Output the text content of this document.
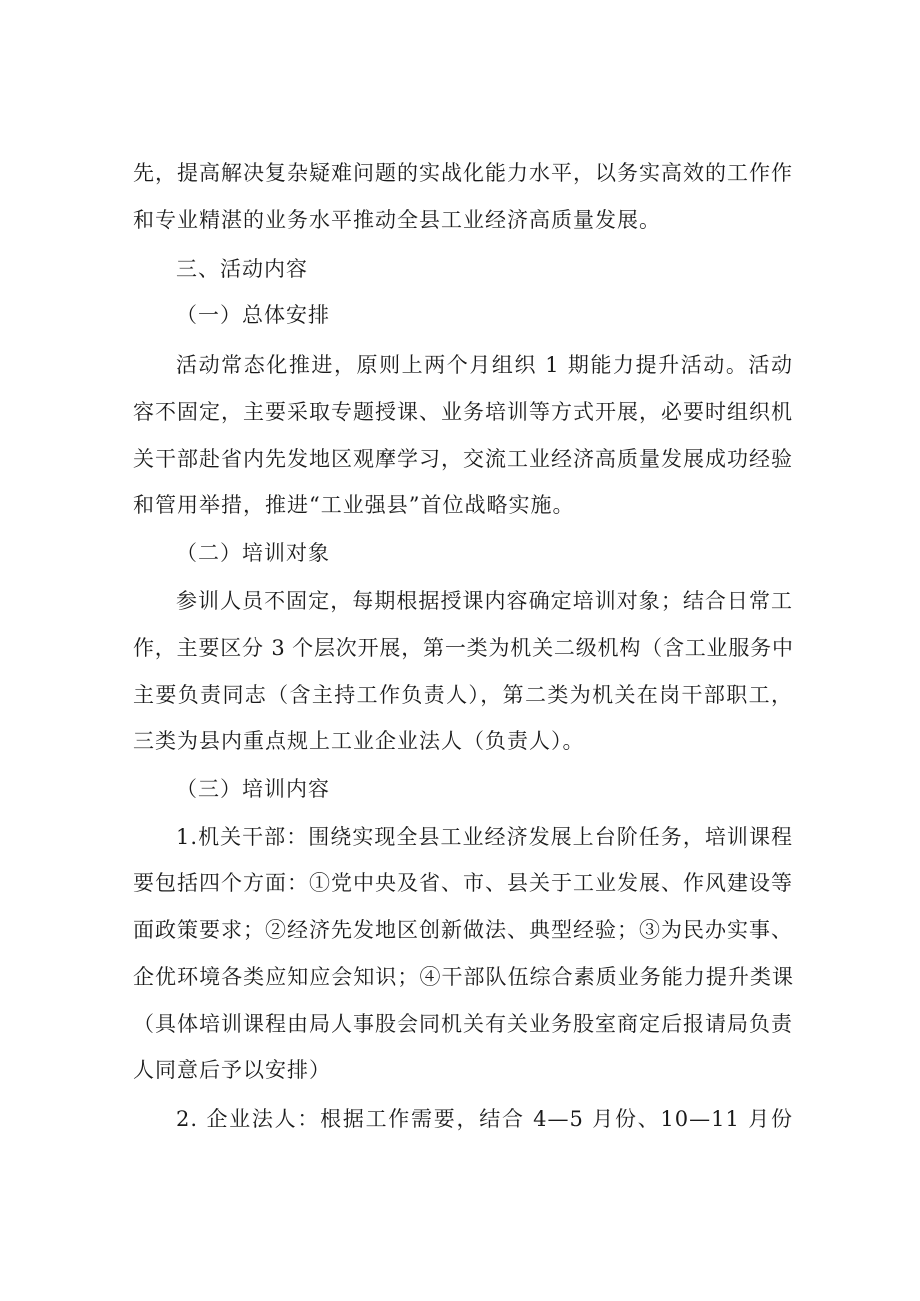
先，提高解决复杂疑难问题的实战化能力水平，以务实高效的工作作
和专业精湛的业务水平推动全县工业经济高质量发展。
三、活动内容
（一）总体安排
活动常态化推进，原则上两个月组织 1 期能力提升活动。活动
容不固定，主要采取专题授课、业务培训等方式开展，必要时组织机
关干部赴省内先发地区观摩学习，交流工业经济高质量发展成功经验
和管用举措，推进“工业强县”首位战略实施。
（二）培训对象
参训人员不固定，每期根据授课内容确定培训对象；结合日常工
作，主要区分 3 个层次开展，第一类为机关二级机构（含工业服务中
主要负责同志（含主持工作负责人），第二类为机关在岗干部职工，
三类为县内重点规上工业企业法人（负责人）。
（三）培训内容
1.机关干部：围绕实现全县工业经济发展上台阶任务，培训课程
要包括四个方面：①党中央及省、市、县关于工业发展、作风建设等
面政策要求；②经济先发地区创新做法、典型经验；③为民办实事、
企优环境各类应知应会知识；④干部队伍综合素质业务能力提升类课
（具体培训课程由局人事股会同机关有关业务股室商定后报请局负责
人同意后予以安排）
2. 企业法人：根据工作需要，结合 4—5 月份、10—11 月份
